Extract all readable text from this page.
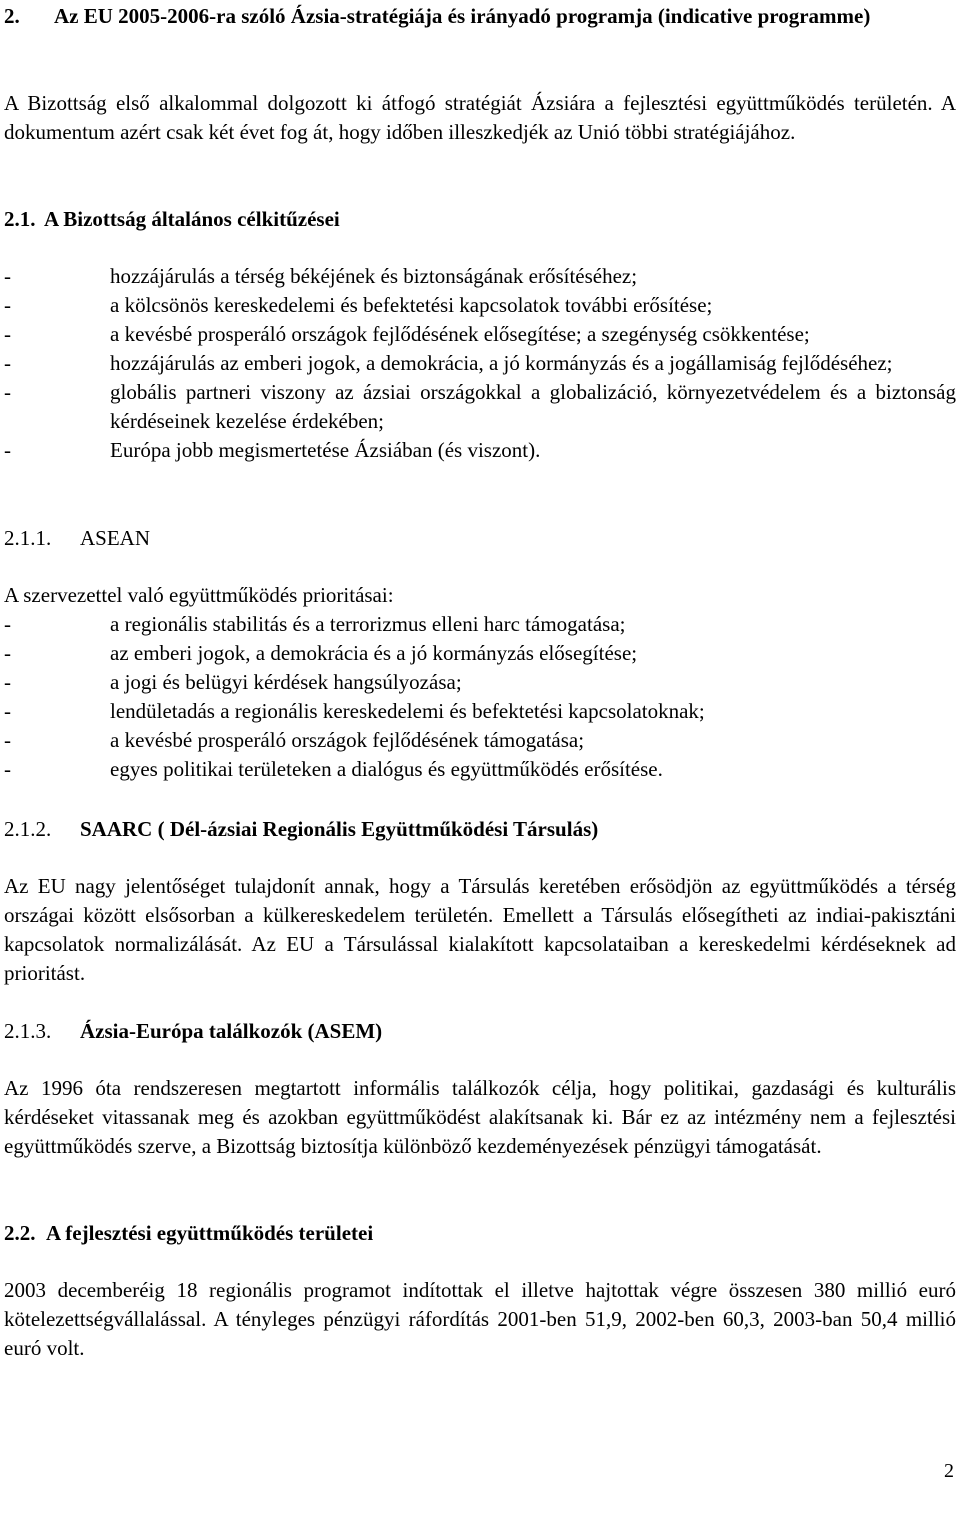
2. Az EU 2005-2006-ra szóló Ázsia-stratégiája és irányadó programja (indicative programme)

A Bizottság első alkalommal dolgozott ki átfogó stratégiát Ázsiára a fejlesztési együttműködés területén. A dokumentum azért csak két évet fog át, hogy időben illeszkedjék az Unió többi stratégiájához.

2.1. A Bizottság általános célkitűzései
-	hozzájárulás a térség békéjének és biztonságának erősítéséhez;
-	a kölcsönös kereskedelemi és befektetési kapcsolatok további erősítése;
-	a kevésbé prosperáló országok fejlődésének elősegítése; a szegénység csökkentése;
-	hozzájárulás az emberi jogok, a demokrácia, a jó kormányzás és a jogállamiság fejlődéséhez;
-	globális partneri viszony az ázsiai országokkal a globalizáció, környezetvédelem és a biztonság kérdéseinek kezelése érdekében;
-	Európa jobb megismertetése Ázsiában (és viszont).
2.1.1. ASEAN

A szervezettel való együttműködés prioritásai:

-	a regionális stabilitás és a terrorizmus elleni harc támogatása;
-	az emberi jogok, a demokrácia és a jó kormányzás elősegítése;
-	a jogi és belügyi kérdések hangsúlyozása;
-	lendületadás a regionális kereskedelemi és befektetési kapcsolatoknak;
-	a kevésbé prosperáló országok fejlődésének támogatása;
-	egyes politikai területeken a dialógus és együttműködés erősítése.
2.1.2. SAARC ( Dél-ázsiai Regionális Együttműködési Társulás)

Az EU nagy jelentőséget tulajdonít annak, hogy a Társulás keretében erősödjön az együttműködés a térség országai között elsősorban a külkereskedelem területén. Emellett a Társulás elősegítheti az indiai-pakisztáni kapcsolatok normalizálását. Az EU a Társulással kialakított kapcsolataiban a kereskedelmi kérdéseknek ad prioritást.

2.1.3. Ázsia-Európa találkozók (ASEM)

Az 1996 óta rendszeresen megtartott informális találkozók célja, hogy politikai, gazdasági és kulturális kérdéseket vitassanak meg és azokban együttműködést alakítsanak ki. Bár ez az intézmény nem a fejlesztési együttműködés szerve, a Bizottság biztosítja különböző kezdeményezések pénzügyi támogatását.

2.2. A fejlesztési együttműködés területei

2003 decemberéig 18 regionális programot indítottak el illetve hajtottak végre összesen 380 millió euró kötelezettségvállalással. A tényleges pénzügyi ráfordítás 2001-ben 51,9, 2002-ben 60,3, 2003-ban 50,4 millió euró volt.

2
